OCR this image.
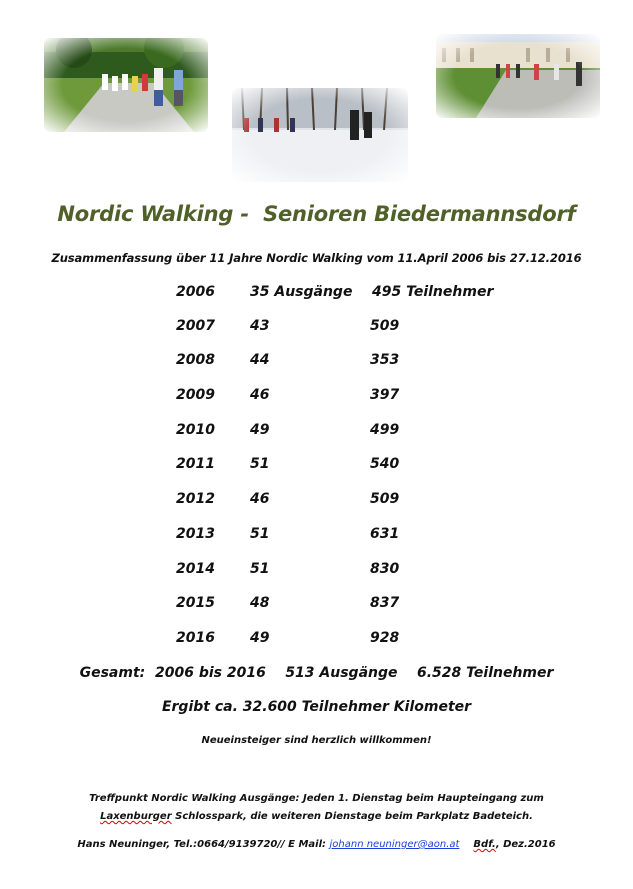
Nordic Walking -  Senioren Biedermannsdorf
Zusammenfassung über 11 Jahre Nordic Walking vom 11.April 2006 bis 27.12.2016
2006	35 Ausgänge 495 Teilnehmer
2007	43	509
2008	44	353
2009	46	397
2010	49	499
2011	51	540
2012	46	509
2013	51	631
2014	51	830
2015	48	837
2016	49	928
Gesamt:  2006 bis 2016    513 Ausgänge    6.528 Teilnehmer
Ergibt ca. 32.600 Teilnehmer Kilometer
Neueinsteiger sind herzlich willkommen!
Treffpunkt Nordic Walking Ausgänge: Jeden 1. Dienstag beim Haupteingang zum
Laxenburger Schlosspark, die weiteren Dienstage beim Parkplatz Badeteich.
Hans Neuninger, Tel.:0664/9139720// E Mail: johann neuninger@aon.at Bdf., Dez.2016
